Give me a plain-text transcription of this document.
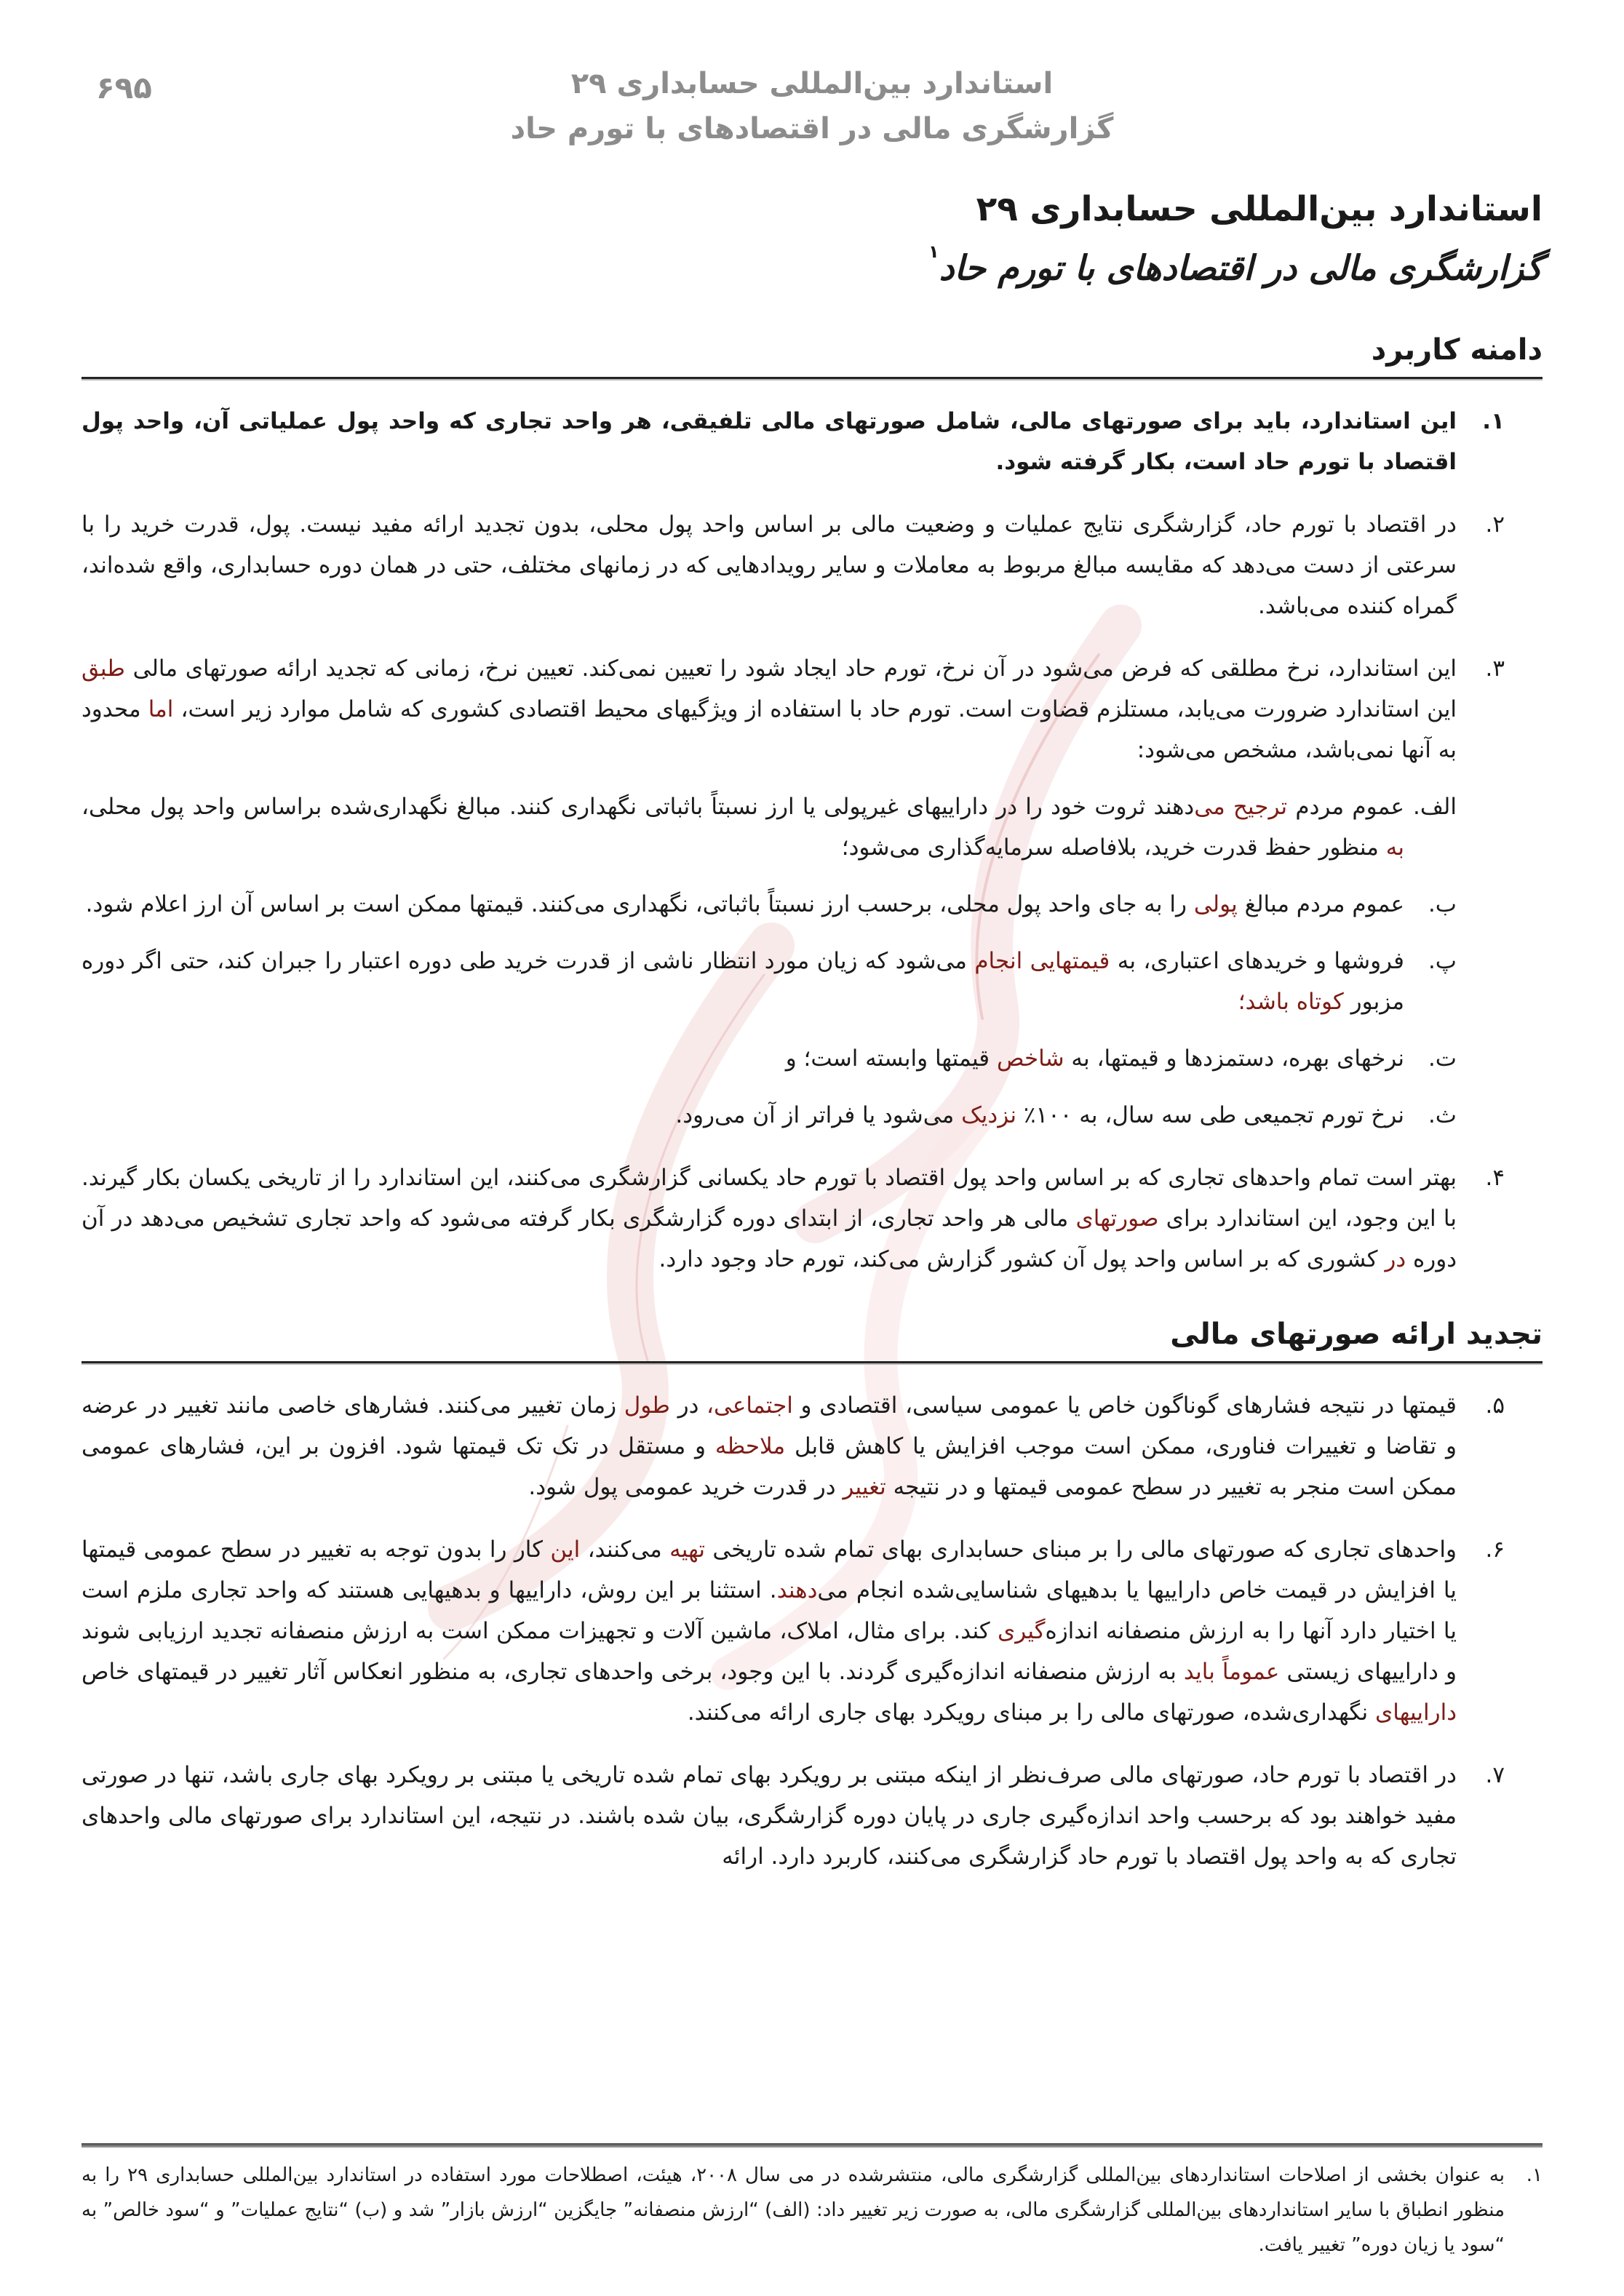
۶۹۵	استاندارد بین‌المللی حسابداری ۲۹
گزارشگری مالی در اقتصادهای با تورم حاد
استاندارد بین‌المللی حسابداری ۲۹
گزارشگری مالی در اقتصادهای با تورم حاد$^۱$
دامنه کاربرد
۱.
این استاندارد، باید برای صورتهای مالی، شامل صورتهای مالی تلفیقی، هر واحد تجاری که واحد پول عملیاتی آن، واحد پول اقتصاد با تورم حاد است، بکار گرفته شود.
۲.
در اقتصاد با تورم حاد، گزارشگری نتایج عملیات و وضعیت مالی بر اساس واحد پول محلی، بدون تجدید ارائه مفید نیست. پول، قدرت خرید را با سرعتی از دست می‌دهد که مقایسه مبالغ مربوط به معاملات و سایر رویدادهایی که در زمانهای مختلف، حتی در همان دوره حسابداری، واقع شده‌اند، گمراه کننده می‌باشد.
۳.
این استاندارد، نرخ مطلقی که فرض می‌شود در آن نرخ، تورم حاد ایجاد شود را تعیین نمی‌کند. تعیین نرخ، زمانی که تجدید ارائه صورتهای مالی طبق این استاندارد ضرورت می‌یابد، مستلزم قضاوت است. تورم حاد با استفاده از ویژگیهای محیط اقتصادی کشوری که شامل موارد زیر است، اما محدود به آنها نمی‌باشد، مشخص می‌شود:
الف.
عموم مردم ترجیح می‌دهند ثروت خود را در داراییهای غیرپولی یا ارز نسبتاً باثباتی نگهداری کنند. مبالغ نگهداری‌شده براساس واحد پول محلی، به منظور حفظ قدرت خرید، بلافاصله سرمایه‌گذاری می‌شود؛
ب.
عموم مردم مبالغ پولی را به جای واحد پول محلی، برحسب ارز نسبتاً باثباتی، نگهداری می‌کنند. قیمتها ممکن است بر اساس آن ارز اعلام شود.
پ.
فروشها و خریدهای اعتباری، به قیمتهایی انجام می‌شود که زیان مورد انتظار ناشی از قدرت خرید طی دوره اعتبار را جبران کند، حتی اگر دوره مزبور کوتاه باشد؛
ت.
نرخهای بهره، دستمزدها و قیمتها، به شاخص قیمتها وابسته است؛ و
ث.
نرخ تورم تجمیعی طی سه سال، به ۱۰۰٪ نزدیک می‌شود یا فراتر از آن می‌رود.
۴.
بهتر است تمام واحدهای تجاری که بر اساس واحد پول اقتصاد با تورم حاد یکسانی گزارشگری می‌کنند، این استاندارد را از تاریخی یکسان بکار گیرند. با این وجود، این استاندارد برای صورتهای مالی هر واحد تجاری، از ابتدای دوره گزارشگری بکار گرفته می‌شود که واحد تجاری تشخیص می‌دهد در آن دوره در کشوری که بر اساس واحد پول آن کشور گزارش می‌کند، تورم حاد وجود دارد.
تجدید ارائه صورتهای مالی
۵.
قیمتها در نتیجه فشارهای گوناگون خاص یا عمومی سیاسی، اقتصادی و اجتماعی، در طول زمان تغییر می‌کنند. فشارهای خاصی مانند تغییر در عرضه و تقاضا و تغییرات فناوری، ممکن است موجب افزایش یا کاهش قابل ملاحظه و مستقل در تک تک قیمتها شود. افزون بر این، فشارهای عمومی ممکن است منجر به تغییر در سطح عمومی قیمتها و در نتیجه تغییر در قدرت خرید عمومی پول شود.
۶.
واحدهای تجاری که صورتهای مالی را بر مبنای حسابداری بهای تمام شده تاریخی تهیه می‌کنند، این کار را بدون توجه به تغییر در سطح عمومی قیمتها یا افزایش در قیمت خاص داراییها یا بدهیهای شناسایی‌شده انجام می‌دهند. استثنا بر این روش، داراییها و بدهیهایی هستند که واحد تجاری ملزم است یا اختیار دارد آنها را به ارزش منصفانه اندازه‌گیری کند. برای مثال، املاک، ماشین آلات و تجهیزات ممکن است به ارزش منصفانه تجدید ارزیابی شوند و داراییهای زیستی عموماً باید به ارزش منصفانه اندازه‌گیری گردند. با این وجود، برخی واحدهای تجاری، به منظور انعکاس آثار تغییر در قیمتهای خاص داراییهای نگهداری‌شده، صورتهای مالی را بر مبنای رویکرد بهای جاری ارائه می‌کنند.
۷.
در اقتصاد با تورم حاد، صورتهای مالی صرف‌نظر از اینکه مبتنی بر رویکرد بهای تمام شده تاریخی یا مبتنی بر رویکرد بهای جاری باشد، تنها در صورتی مفید خواهند بود که برحسب واحد اندازه‌گیری جاری در پایان دوره گزارشگری، بیان شده باشند. در نتیجه، این استاندارد برای صورتهای مالی واحدهای تجاری که به واحد پول اقتصاد با تورم حاد گزارشگری می‌کنند، کاربرد دارد. ارائه
۱.
به عنوان بخشی از اصلاحات استانداردهای بین‌المللی گزارشگری مالی، منتشرشده در می سال ۲۰۰۸، هیئت، اصطلاحات مورد استفاده در استاندارد بین‌المللی حسابداری ۲۹ را به منظور انطباق با سایر استانداردهای بین‌المللی گزارشگری مالی، به صورت زیر تغییر داد: (الف) “ارزش منصفانه” جایگزین “ارزش بازار” شد و (ب) “نتایج عملیات” و “سود خالص” به “سود یا زیان دوره” تغییر یافت.
